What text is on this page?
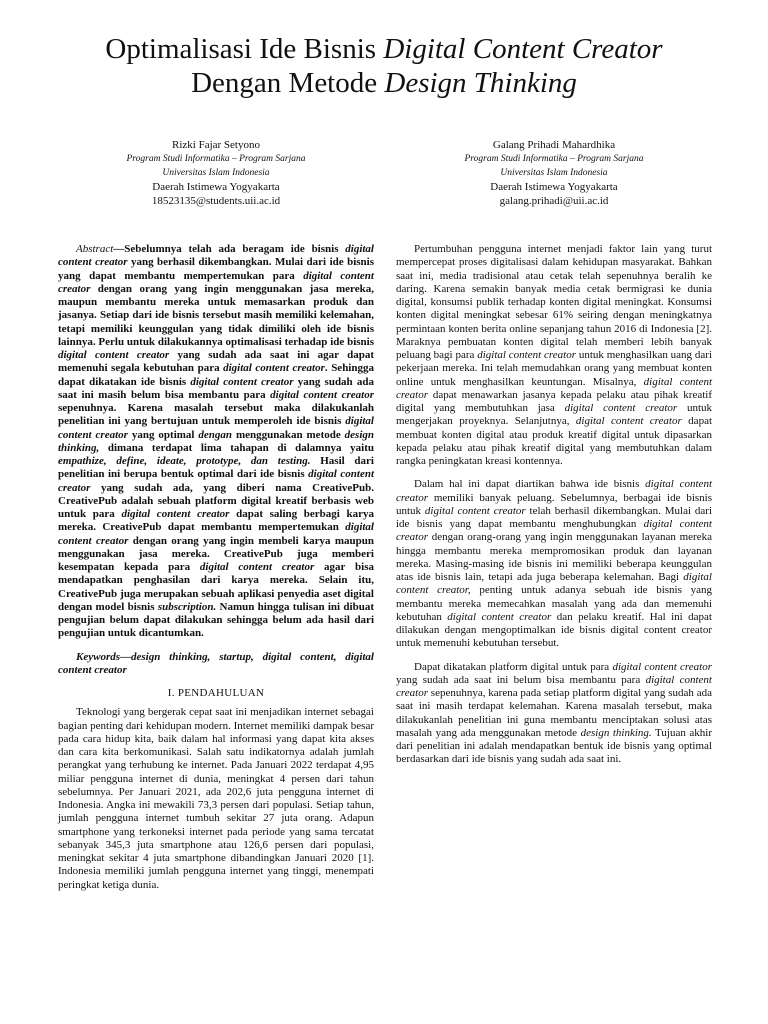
Optimalisasi Ide Bisnis Digital Content Creator
Dengan Metode Design Thinking
Rizki Fajar Setyono
Program Studi Informatika – Program Sarjana
Universitas Islam Indonesia
Daerah Istimewa Yogyakarta
18523135@students.uii.ac.id
Galang Prihadi Mahardhika
Program Studi Informatika – Program Sarjana
Universitas Islam Indonesia
Daerah Istimewa Yogyakarta
galang.prihadi@uii.ac.id

Abstract—Sebelumnya telah ada beragam ide bisnis digital content creator yang berhasil dikembangkan. Mulai dari ide bisnis yang dapat membantu mempertemukan para digital content creator dengan orang yang ingin menggunakan jasa mereka, maupun membantu mereka untuk memasarkan produk dan jasanya. Setiap dari ide bisnis tersebut masih memiliki kelemahan, tetapi memiliki keunggulan yang tidak dimiliki oleh ide bisnis lainnya. Perlu untuk dilakukannya optimalisasi terhadap ide bisnis digital content creator yang sudah ada saat ini agar dapat memenuhi segala kebutuhan para digital content creator. Sehingga dapat dikatakan ide bisnis digital content creator yang sudah ada saat ini masih belum bisa membantu para digital content creator sepenuhnya. Karena masalah tersebut maka dilakukanlah penelitian ini yang bertujuan untuk memperoleh ide bisnis digital content creator yang optimal dengan menggunakan metode design thinking, dimana terdapat lima tahapan di dalamnya yaitu empathize, define, ideate, prototype, dan testing. Hasil dari penelitian ini berupa bentuk optimal dari ide bisnis digital content creator yang sudah ada, yang diberi nama CreativePub. CreativePub adalah sebuah platform digital kreatif berbasis web untuk para digital content creator dapat saling berbagi karya mereka. CreativePub dapat membantu mempertemukan digital content creator dengan orang yang ingin membeli karya maupun menggunakan jasa mereka. CreativePub juga memberi kesempatan kepada para digital content creator agar bisa mendapatkan penghasilan dari karya mereka. Selain itu, CreativePub juga merupakan sebuah aplikasi penyedia aset digital dengan model bisnis subscription. Namun hingga tulisan ini dibuat pengujian belum dapat dilakukan sehingga belum ada hasil dari pengujian untuk dicantumkan.

Keywords—design thinking, startup, digital content, digital content creator

I. PENDAHULUAN

Teknologi yang bergerak cepat saat ini menjadikan internet sebagai bagian penting dari kehidupan modern. Internet memiliki dampak besar pada cara hidup kita, baik dalam hal informasi yang dapat kita akses dan cara kita berkomunikasi. Salah satu indikatornya adalah jumlah perangkat yang terhubung ke internet. Pada Januari 2022 terdapat 4,95 miliar pengguna internet di dunia, meningkat 4 persen dari tahun sebelumnya. Per Januari 2021, ada 202,6 juta pengguna internet di Indonesia. Angka ini mewakili 73,3 persen dari populasi. Setiap tahun, jumlah pengguna internet tumbuh sekitar 27 juta orang. Adapun smartphone yang terkoneksi internet pada periode yang sama tercatat sebanyak 345,3 juta smartphone atau 126,6 persen dari populasi, meningkat sekitar 4 juta smartphone dibandingkan Januari 2020 [1]. Indonesia memiliki jumlah pengguna internet yang tinggi, menempati peringkat ketiga dunia.

Pertumbuhan pengguna internet menjadi faktor lain yang turut mempercepat proses digitalisasi dalam kehidupan masyarakat. Bahkan saat ini, media tradisional atau cetak telah sepenuhnya beralih ke daring. Karena semakin banyak media cetak bermigrasi ke dunia digital, konsumsi publik terhadap konten digital meningkat. Konsumsi konten digital meningkat sebesar 61% seiring dengan meningkatnya permintaan konten berita online sepanjang tahun 2016 di Indonesia [2]. Maraknya pembuatan konten digital telah memberi lebih banyak peluang bagi para digital content creator untuk menghasilkan uang dari pekerjaan mereka. Ini telah memudahkan orang yang membuat konten online untuk menghasilkan keuntungan. Misalnya, digital content creator dapat menawarkan jasanya kepada pelaku atau pihak kreatif digital yang membutuhkan jasa digital content creator untuk mengerjakan proyeknya. Selanjutnya, digital content creator dapat membuat konten digital atau produk kreatif digital untuk dipasarkan kepada pelaku atau pihak kreatif digital yang membutuhkan dalam rangka peningkatan kreasi kontennya.

Dalam hal ini dapat diartikan bahwa ide bisnis digital content creator memiliki banyak peluang. Sebelumnya, berbagai ide bisnis untuk digital content creator telah berhasil dikembangkan. Mulai dari ide bisnis yang dapat membantu menghubungkan digital content creator dengan orang-orang yang ingin menggunakan layanan mereka hingga membantu mereka mempromosikan produk dan layanan mereka. Masing-masing ide bisnis ini memiliki beberapa keunggulan atas ide bisnis lain, tetapi ada juga beberapa kelemahan. Bagi digital content creator, penting untuk adanya sebuah ide bisnis yang membantu mereka memecahkan masalah yang ada dan memenuhi kebutuhan digital content creator dan pelaku kreatif. Hal ini dapat dilakukan dengan mengoptimalkan ide bisnis digital content creator untuk memenuhi kebutuhan tersebut.

Dapat dikatakan platform digital untuk para digital content creator yang sudah ada saat ini belum bisa membantu para digital content creator sepenuhnya, karena pada setiap platform digital yang sudah ada saat ini masih terdapat kelemahan. Karena masalah tersebut, maka dilakukanlah penelitian ini guna membantu menciptakan solusi atas masalah yang ada menggunakan metode design thinking. Tujuan akhir dari penelitian ini adalah mendapatkan bentuk ide bisnis yang optimal berdasarkan dari ide bisnis yang sudah ada saat ini.
